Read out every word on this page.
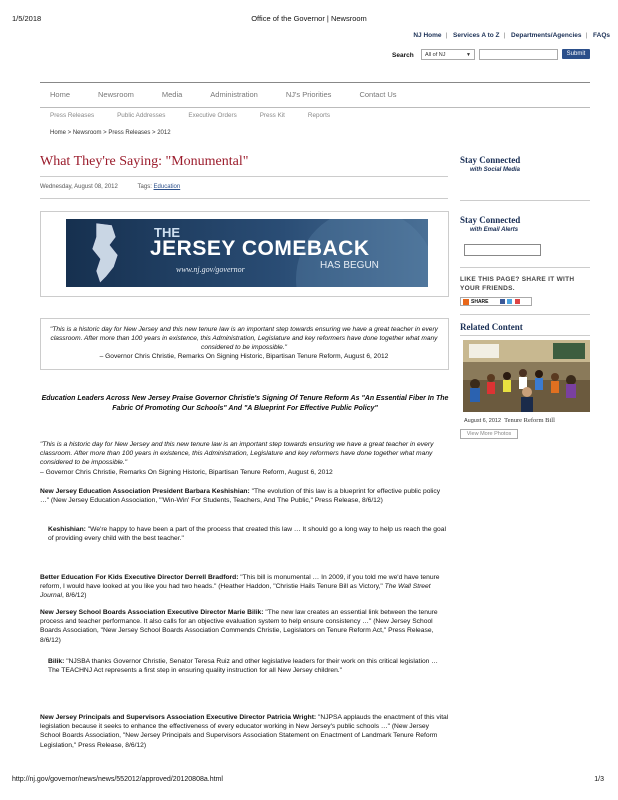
1/5/2018	Office of the Governor | Newsroom
NJ Home | Services A to Z | Departments/Agencies | FAQs
Search	All of NJ	▼	Submit
Home	Newsroom	Media	Administration	NJ's Priorities	Contact Us
Press Releases	Public Addresses	Executive Orders	Press Kit	Reports
Home > Newsroom > Press Releases > 2012
What They're Saying: "Monumental"
Wednesday, August 08, 2012	Tags: Education
THE
JERSEY COMEBACK
HAS BEGUN
www.nj.gov/governor
"This is a historic day for New Jersey and this new tenure law is an important step towards ensuring we have a great teacher in every classroom. After more than 100 years in existence, this Administration, Legislature and key reformers have done together what many considered to be impossible."
– Governor Chris Christie, Remarks On Signing Historic, Bipartisan Tenure Reform, August 6, 2012
Education Leaders Across New Jersey Praise Governor Christie's Signing Of Tenure Reform As "An Essential Fiber In The Fabric Of Promoting Our Schools" And "A Blueprint For Effective Public Policy"
"This is a historic day for New Jersey and this new tenure law is an important step towards ensuring we have a great teacher in every classroom. After more than 100 years in existence, this Administration, Legislature and key reformers have done together what many considered to be impossible."
– Governor Chris Christie, Remarks On Signing Historic, Bipartisan Tenure Reform, August 6, 2012
New Jersey Education Association President Barbara Keshishian: "The evolution of this law is a blueprint for effective public policy …" (New Jersey Education Association, "'Win-Win' For Students, Teachers, And The Public," Press Release, 8/6/12)
Keshishian: "We're happy to have been a part of the process that created this law … It should go a long way to help us reach the goal of providing every child with the best teacher."
Better Education For Kids Executive Director Derrell Bradford: "This bill is monumental … In 2009, if you told me we'd have tenure reform, I would have looked at you like you had two heads." (Heather Haddon, "Christie Hails Tenure Bill as Victory," The Wall Street Journal, 8/6/12)
New Jersey School Boards Association Executive Director Marie Bilik: "The new law creates an essential link between the tenure process and teacher performance. It also calls for an objective evaluation system to help ensure consistency …" (New Jersey School Boards Association, "New Jersey School Boards Association Commends Christie, Legislators on Tenure Reform Act," Press Release, 8/6/12)
Bilik: "NJSBA thanks Governor Christie, Senator Teresa Ruiz and other legislative leaders for their work on this critical legislation … The TEACHNJ Act represents a first step in ensuring quality instruction for all New Jersey children."
New Jersey Principals and Supervisors Association Executive Director Patricia Wright: "NJPSA applauds the enactment of this vital legislation because it seeks to enhance the effectiveness of every educator working in New Jersey's public schools …" (New Jersey School Boards Association, "New Jersey Principals and Supervisors Association Statement on Enactment of Landmark Tenure Reform Legislation," Press Release, 8/6/12)
Stay Connected
with Social Media
Stay Connected
with Email Alerts
LIKE THIS PAGE? SHARE IT WITH YOUR FRIENDS.
SHARE
Related Content
August 6, 2012 Tenure Reform Bill
View More Photos
http://nj.gov/governor/news/news/552012/approved/20120808a.html	1/3
